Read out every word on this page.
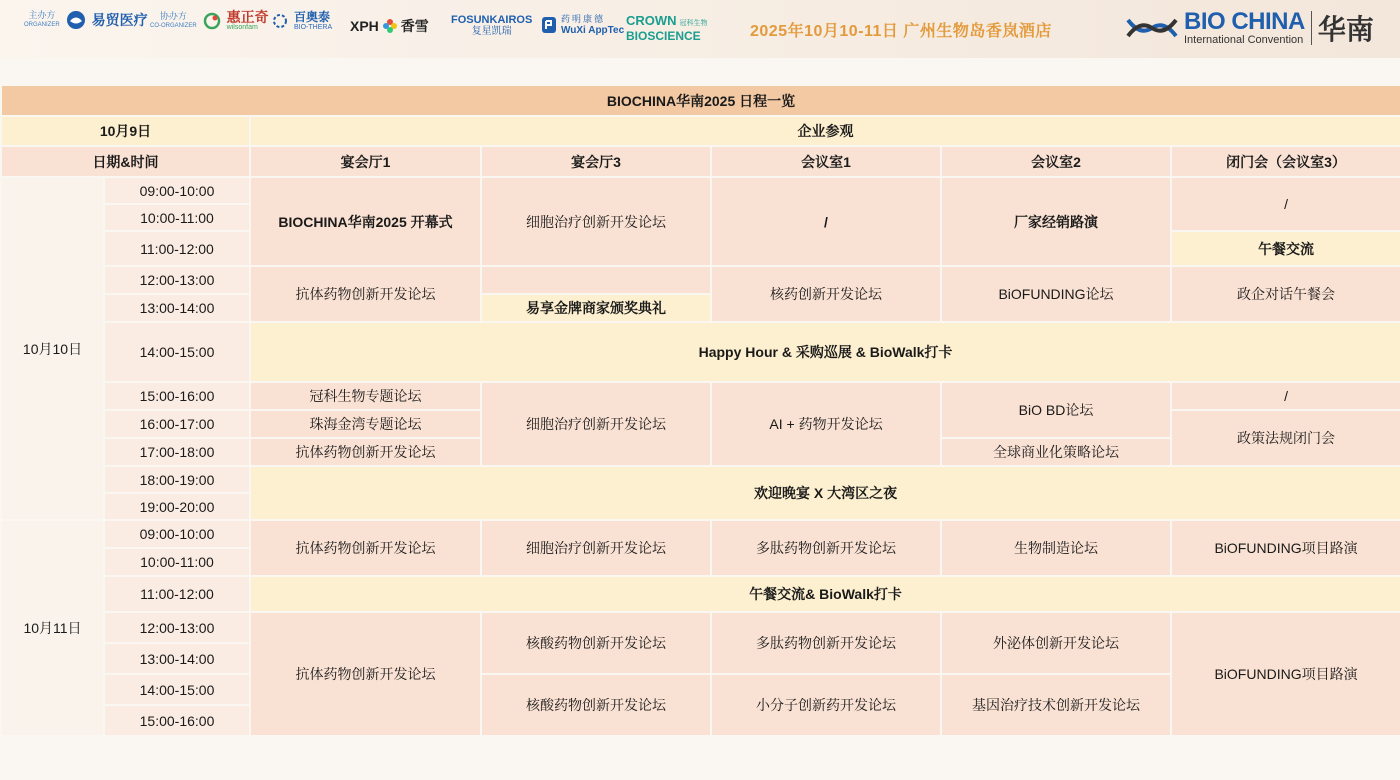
主办方
ORGANIZER 易贸医疗	协办方
CO-ORGANIZER
惠正奇
wilsonfam
百奥泰
BIO-THERA XPH 香雪 FOSUNKAIROS
复星凯瑞
药明康德
WuXi AppTec
CROWN 冠科生物
BIOSCIENCE	2025年10月10-11日 广州生物岛香岚酒店	BIO CHINA
International Convention 华南
BIOCHINA华南2025 日程一览						
10月9日		企业参观				
日期&时间		宴会厅1	宴会厅3	会议室1	会议室2	闭门会（会议室3）
10月10日	09:00-10:00	BIOCHINA华南2025 开幕式	细胞治疗创新开发论坛	/	厂家经销路演	/
	10:00-11:00					
	11:00-12:00					午餐交流
	12:00-13:00	抗体药物创新开发论坛		核药创新开发论坛	BiOFUNDING论坛	政企对话午餐会
	13:00-14:00		易享金牌商家颁奖典礼			
	14:00-15:00	Happy Hour & 采购巡展 & BioWalk打卡				
	15:00-16:00	冠科生物专题论坛	细胞治疗创新开发论坛	AI + 药物开发论坛	BiO BD论坛	/
	16:00-17:00	珠海金湾专题论坛				政策法规闭门会
	17:00-18:00	抗体药物创新开发论坛			全球商业化策略论坛	
	18:00-19:00	欢迎晚宴 X 大湾区之夜				
	19:00-20:00					
10月11日	09:00-10:00	抗体药物创新开发论坛	细胞治疗创新开发论坛	多肽药物创新开发论坛	生物制造论坛	BiOFUNDING项目路演
	10:00-11:00					
	11:00-12:00	午餐交流& BioWalk打卡				
	12:00-13:00	抗体药物创新开发论坛	核酸药物创新开发论坛	多肽药物创新开发论坛	外泌体创新开发论坛	BiOFUNDING项目路演
	13:00-14:00					
	14:00-15:00		核酸药物创新开发论坛	小分子创新药开发论坛	基因治疗技术创新开发论坛	
	15:00-16:00					
